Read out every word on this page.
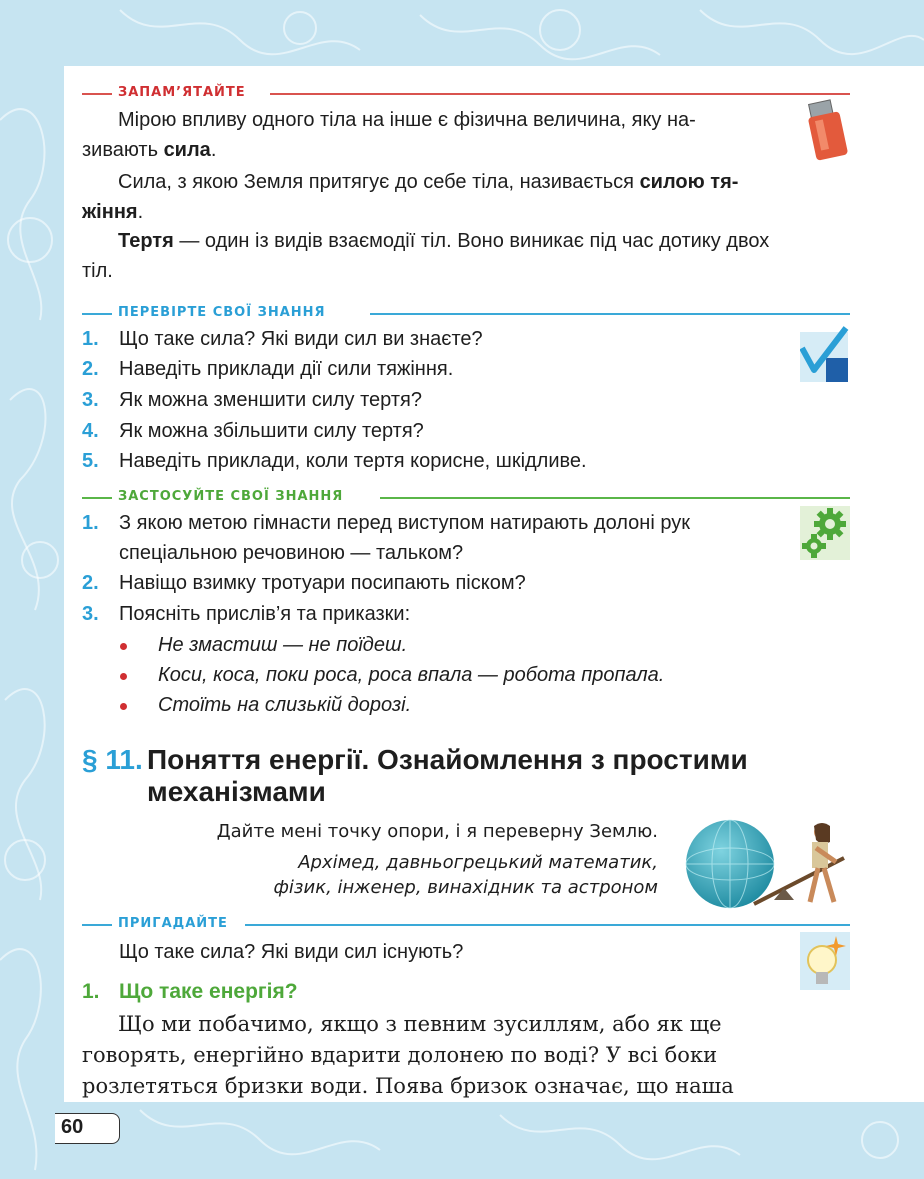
ЗАПАМ’ЯТАЙТЕ
Мірою впливу одного тіла на інше є фізична величина, яку на-
зивають сила.
Сила, з якою Земля притягує до себе тіла, називається силою тя-
жіння.
Тертя — один із видів взаємодії тіл. Воно виникає під час дотику двох
тіл.
ПЕРЕВІРТЕ СВОЇ ЗНАННЯ
1. Що таке сила? Які види сил ви знаєте?
2. Наведіть приклади дії сили тяжіння.
3. Як можна зменшити силу тертя?
4. Як можна збільшити силу тертя?
5. Наведіть приклади, коли тертя корисне, шкідливе.
ЗАСТОСУЙТЕ СВОЇ ЗНАННЯ
1. З якою метою гімнасти перед виступом натирають долоні рук
спеціальною речовиною — тальком?
2. Навіщо взимку тротуари посипають піском?
3. Поясніть прислів’я та приказки:
Не змастиш — не поїдеш.
Коси, коса, поки роса, роса впала — робота пропала.
Стоїть на слизькій дорозі.
§ 11. Поняття енергії. Ознайомлення з простими
механізмами
Дайте мені точку опори, і я переверну Землю.
Архімед, давньогрецький математик,
фізик, інженер, винахідник та астроном
ПРИГАДАЙТЕ
Що таке сила? Які види сил існують?
1. Що таке енергія?
Що ми побачимо, якщо з певним зусиллям, або як ще
говорять, енергійно вдарити долонею по воді? У всі боки
розлетяться бризки води. Поява бризок означає, що наша
60
